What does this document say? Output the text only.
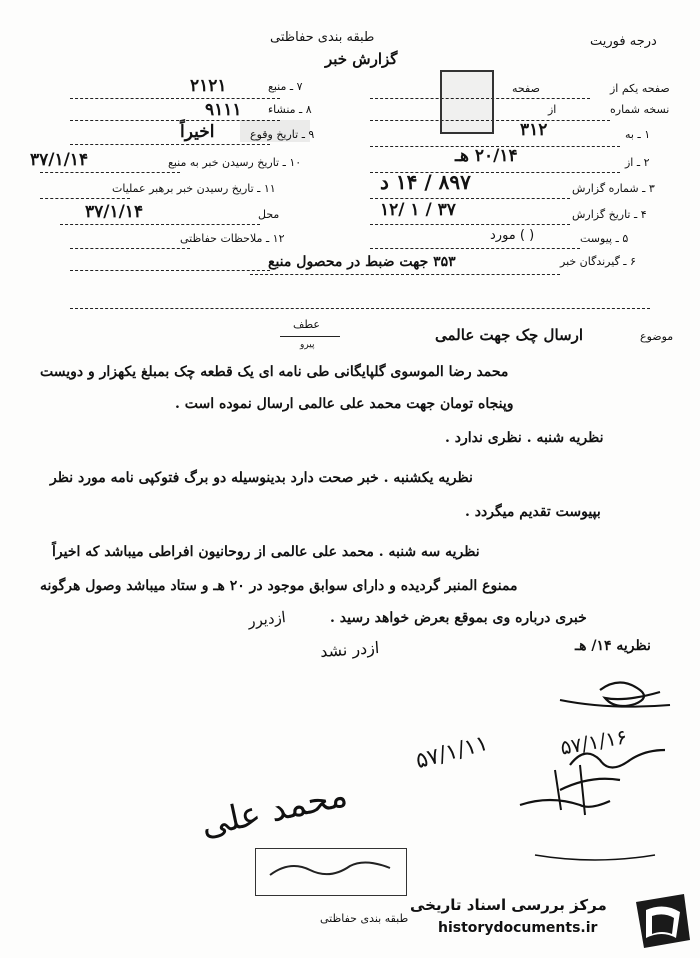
طبقه بندی حفاظتی	درجه فوریت
گزارش خبر
صفحه یکم از
صفحه
نسخه شماره
از
۱ ـ به
۳۱۲
۲ ـ از
۲۰/۱۴ هـ
۳ ـ شماره گزارش
۸۹۷ / ۱۴ د
۴ ـ تاریخ گزارش
۱۲/ ۱ / ۳۷
۵ ـ پیوست
( ) مورد
۶ ـ گیرندگان خبر
۳۵۳ جهت ضبط در محصول منبع
۷ ـ منبع
۲۱۲۱
۸ ـ منشاء
۹۱۱۱
۹ ـ تاریخ وقوع
اخیراً
۱۰ ـ تاریخ رسیدن خبر به منبع
۳۷/۱/۱۴
۱۱ ـ تاریخ رسیدن خبر برهبر عملیات
۳۷/۱/۱۴	محل
۱۲ ـ ملاحظات حفاظتی
موضوع
ارسال چک جهت عالمی
عطف
پیرو
محمد رضا الموسوی گلپایگانی طی نامه ای یک قطعه چک بمبلغ یکهزار و دویست
وپنجاه تومان جهت محمد علی عالمی ارسال نموده است .
نظریه شنبه . نظری ندارد .
نظریه یکشنبه . خبر صحت دارد بدینوسیله دو برگ فتوکپی نامه مورد نظر
بپیوست تقدیم میگردد .
نظریه سه شنبه . محمد علی عالمی از روحانیون افراطی میباشد که اخیراً
ممنوع المنبر گردیده و دارای سوابق موجود در ۲۰ هـ و ستاد میباشد وصول هرگونه
خبری درباره وی بموقع بعرض خواهد رسید .
نظریه ۱۴/ هـ
ازدیرر
ازدر نشد
۵۷/۱/۱۱	۵۷/۱/۱۶
محمد علی
طبقه بندی حفاظتی
مرکز بررسی اسناد تاریخی
historydocuments.ir
